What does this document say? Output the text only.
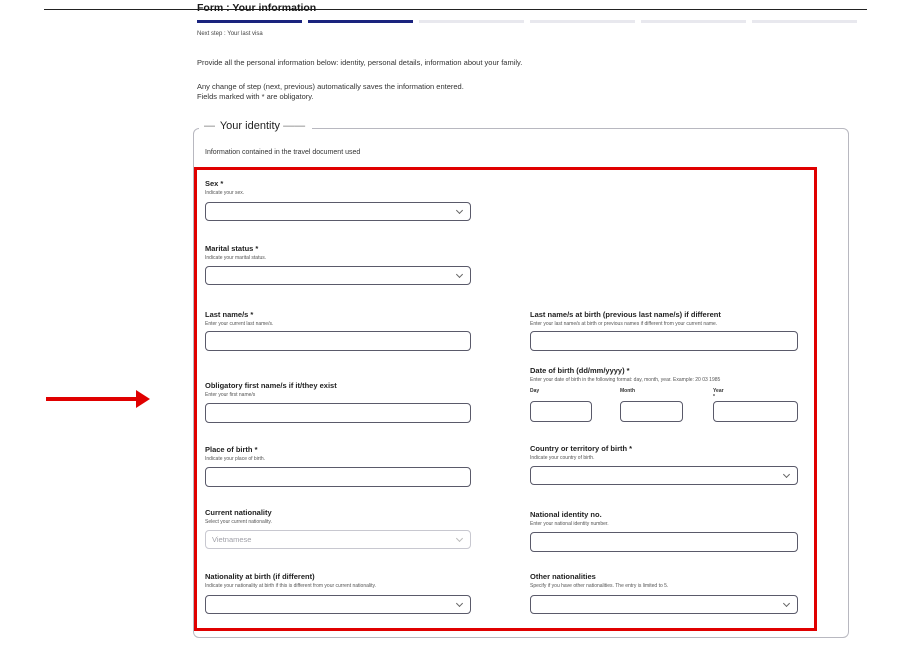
Form : Your information
Next step : Your last visa
Provide all the personal information below: identity, personal details, information about your family.
Any change of step (next, previous) automatically saves the information entered.
Fields marked with * are obligatory.
— Your identity ——
Information contained in the travel document used
Sex *
Indicate your sex.
Marital status *
Indicate your marital status.
Last name/s *
Enter your current last name/s.
Obligatory first name/s if it/they exist
Enter your first name/s
Place of birth *
Indicate your place of birth.
Current nationality
Select your current nationality.
Vietnamese
Nationality at birth (if different)
Indicate your nationality at birth if this is different from your current nationality.
Last name/s at birth (previous last name/s) if different
Enter your last name/s at birth or previous names if different from your current name.
Date of birth (dd/mm/yyyy) *
Enter your date of birth in the following format: day, month, year. Example: 20 03 1985
Day	Month	Year *
Country or territory of birth *
Indicate your country of birth.
National identity no.
Enter your national identity number.
Other nationalities
Specify if you have other nationalities. The entry is limited to 5.
